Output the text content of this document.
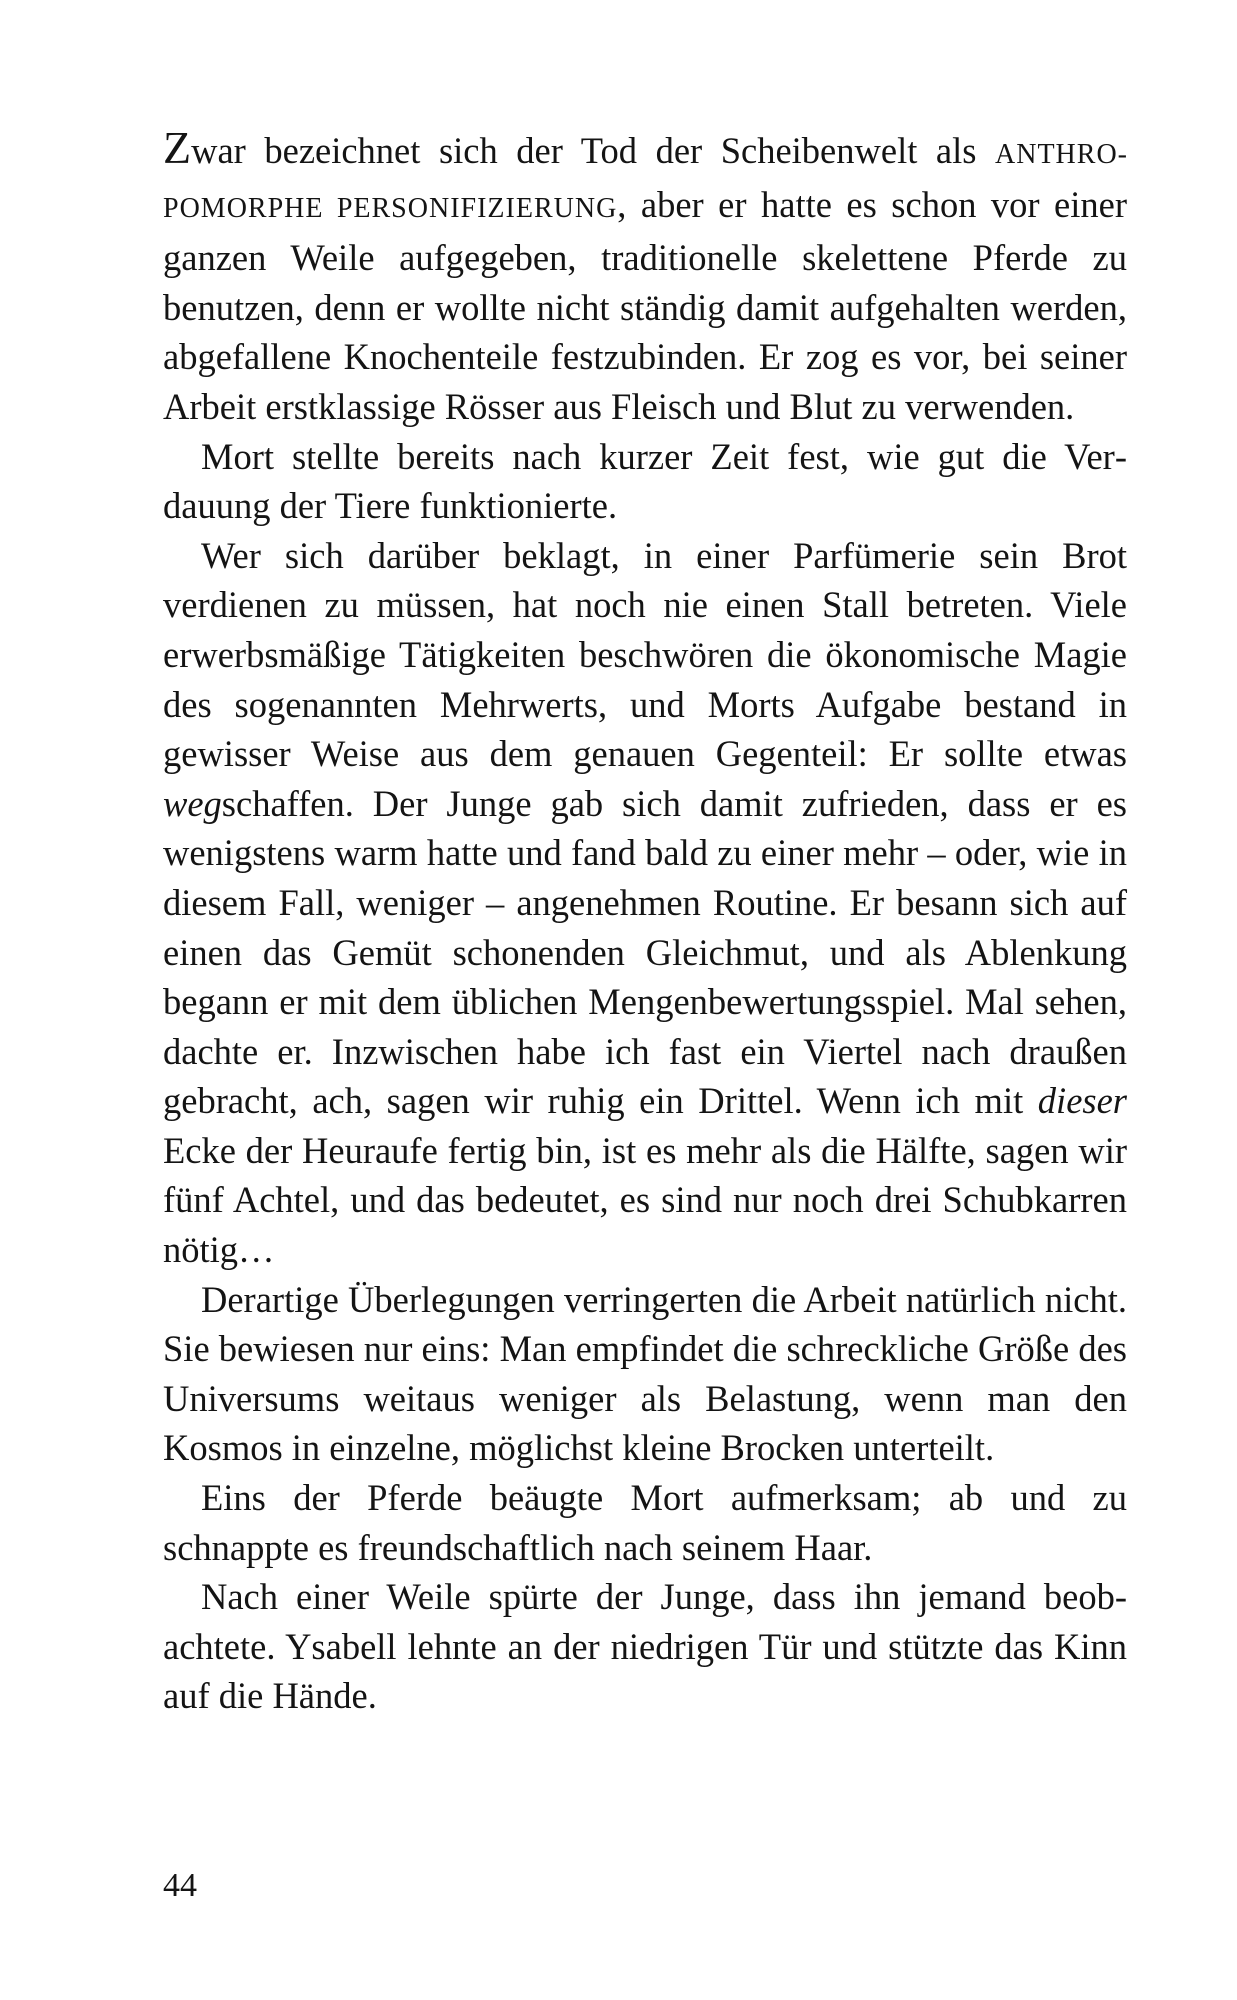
Zwar bezeichnet sich der Tod der Scheibenwelt als ANTHROPOMORPHE PERSONIFIZIERUNG, aber er hatte es schon vor einer ganzen Weile aufgegeben, traditionelle skelettene Pferde zu benutzen, denn er wollte nicht ständig damit aufgehalten werden, abgefallene Knochenteile festzubinden. Er zog es vor, bei seiner Arbeit erstklassige Rösser aus Fleisch und Blut zu verwenden.

Mort stellte bereits nach kurzer Zeit fest, wie gut die Verdauung der Tiere funktionierte.

Wer sich darüber beklagt, in einer Parfümerie sein Brot verdienen zu müssen, hat noch nie einen Stall betreten. Viele erwerbsmäßige Tätigkeiten beschwören die ökonomische Magie des sogenannten Mehrwerts, und Morts Aufgabe bestand in gewisser Weise aus dem genauen Gegenteil: Er sollte etwas wegschaffen. Der Junge gab sich damit zufrieden, dass er es wenigstens warm hatte und fand bald zu einer mehr – oder, wie in diesem Fall, weniger – angenehmen Routine. Er besann sich auf einen das Gemüt schonenden Gleichmut, und als Ablenkung begann er mit dem üblichen Mengenbewertungsspiel. Mal sehen, dachte er. Inzwischen habe ich fast ein Viertel nach draußen gebracht, ach, sagen wir ruhig ein Drittel. Wenn ich mit dieser Ecke der Heuraufe fertig bin, ist es mehr als die Hälfte, sagen wir fünf Achtel, und das bedeutet, es sind nur noch drei Schubkarren nötig…

Derartige Überlegungen verringerten die Arbeit natürlich nicht. Sie bewiesen nur eins: Man empfindet die schreckliche Größe des Universums weitaus weniger als Belastung, wenn man den Kosmos in einzelne, möglichst kleine Brocken unterteilt.

Eins der Pferde beäugte Mort aufmerksam; ab und zu schnappte es freundschaftlich nach seinem Haar.

Nach einer Weile spürte der Junge, dass ihn jemand beobachtete. Ysabell lehnte an der niedrigen Tür und stützte das Kinn auf die Hände.

44
